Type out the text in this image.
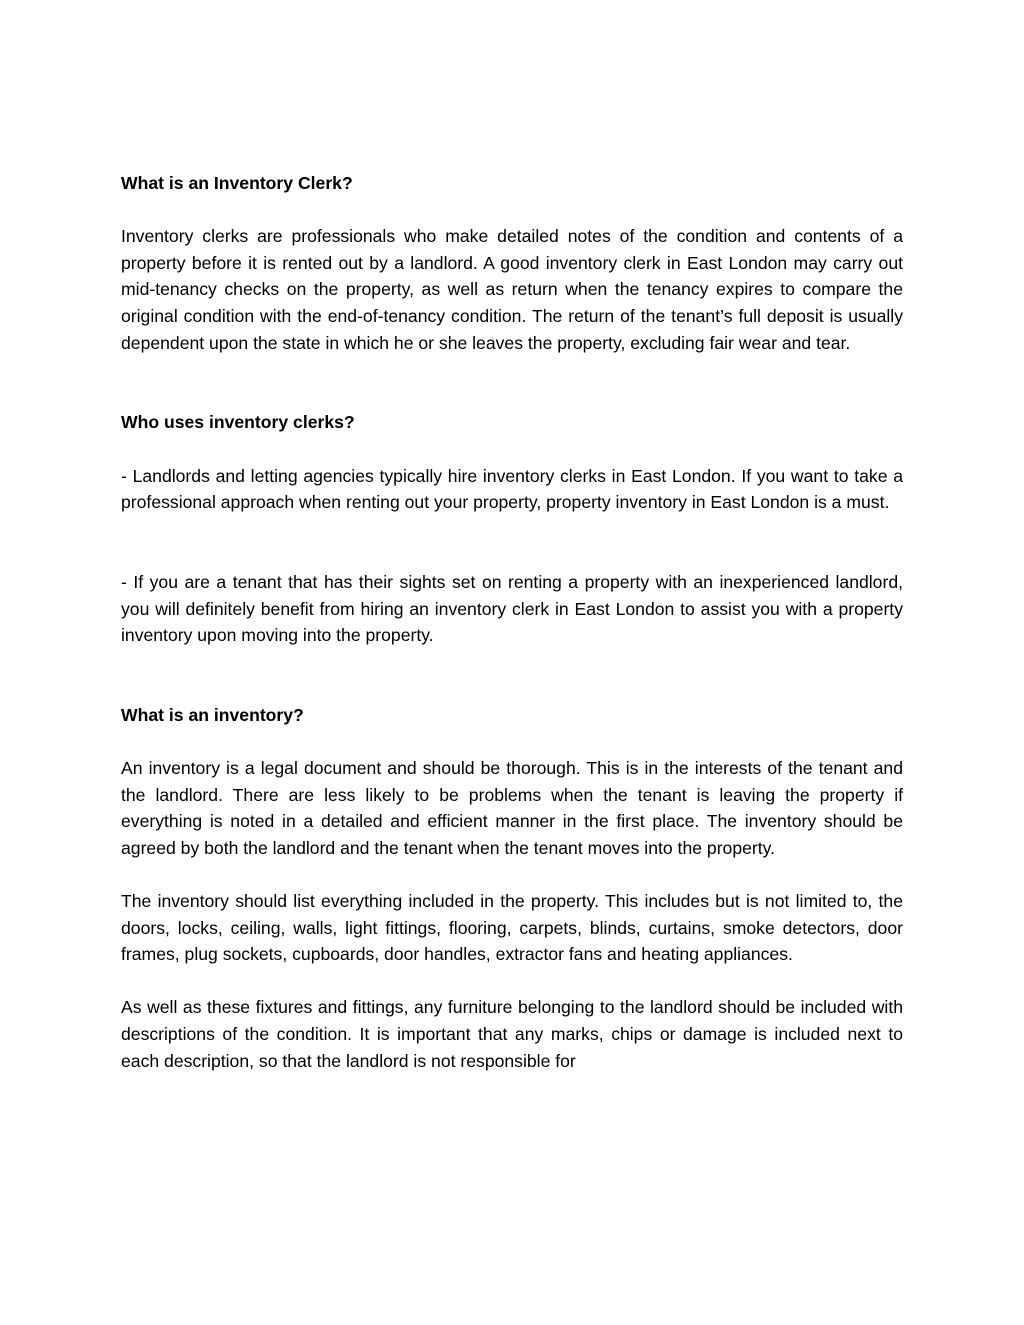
What is an Inventory Clerk?

Inventory clerks are professionals who make detailed notes of the condition and contents of a property before it is rented out by a landlord. A good inventory clerk in East London may carry out mid-tenancy checks on the property, as well as return when the tenancy expires to compare the original condition with the end-of-tenancy condition. The return of the tenant’s full deposit is usually dependent upon the state in which he or she leaves the property, excluding fair wear and tear.

Who uses inventory clerks?

- Landlords and letting agencies typically hire inventory clerks in East London. If you want to take a professional approach when renting out your property, property inventory in East London is a must.

- If you are a tenant that has their sights set on renting a property with an inexperienced landlord, you will definitely benefit from hiring an inventory clerk in East London to assist you with a property inventory upon moving into the property.

What is an inventory?

An inventory is a legal document and should be thorough. This is in the interests of the tenant and the landlord. There are less likely to be problems when the tenant is leaving the property if everything is noted in a detailed and efficient manner in the first place. The inventory should be agreed by both the landlord and the tenant when the tenant moves into the property.

The inventory should list everything included in the property. This includes but is not limited to, the doors, locks, ceiling, walls, light fittings, flooring, carpets, blinds, curtains, smoke detectors, door frames, plug sockets, cupboards, door handles, extractor fans and heating appliances.

As well as these fixtures and fittings, any furniture belonging to the landlord should be included with descriptions of the condition. It is important that any marks, chips or damage is included next to each description, so that the landlord is not responsible for
